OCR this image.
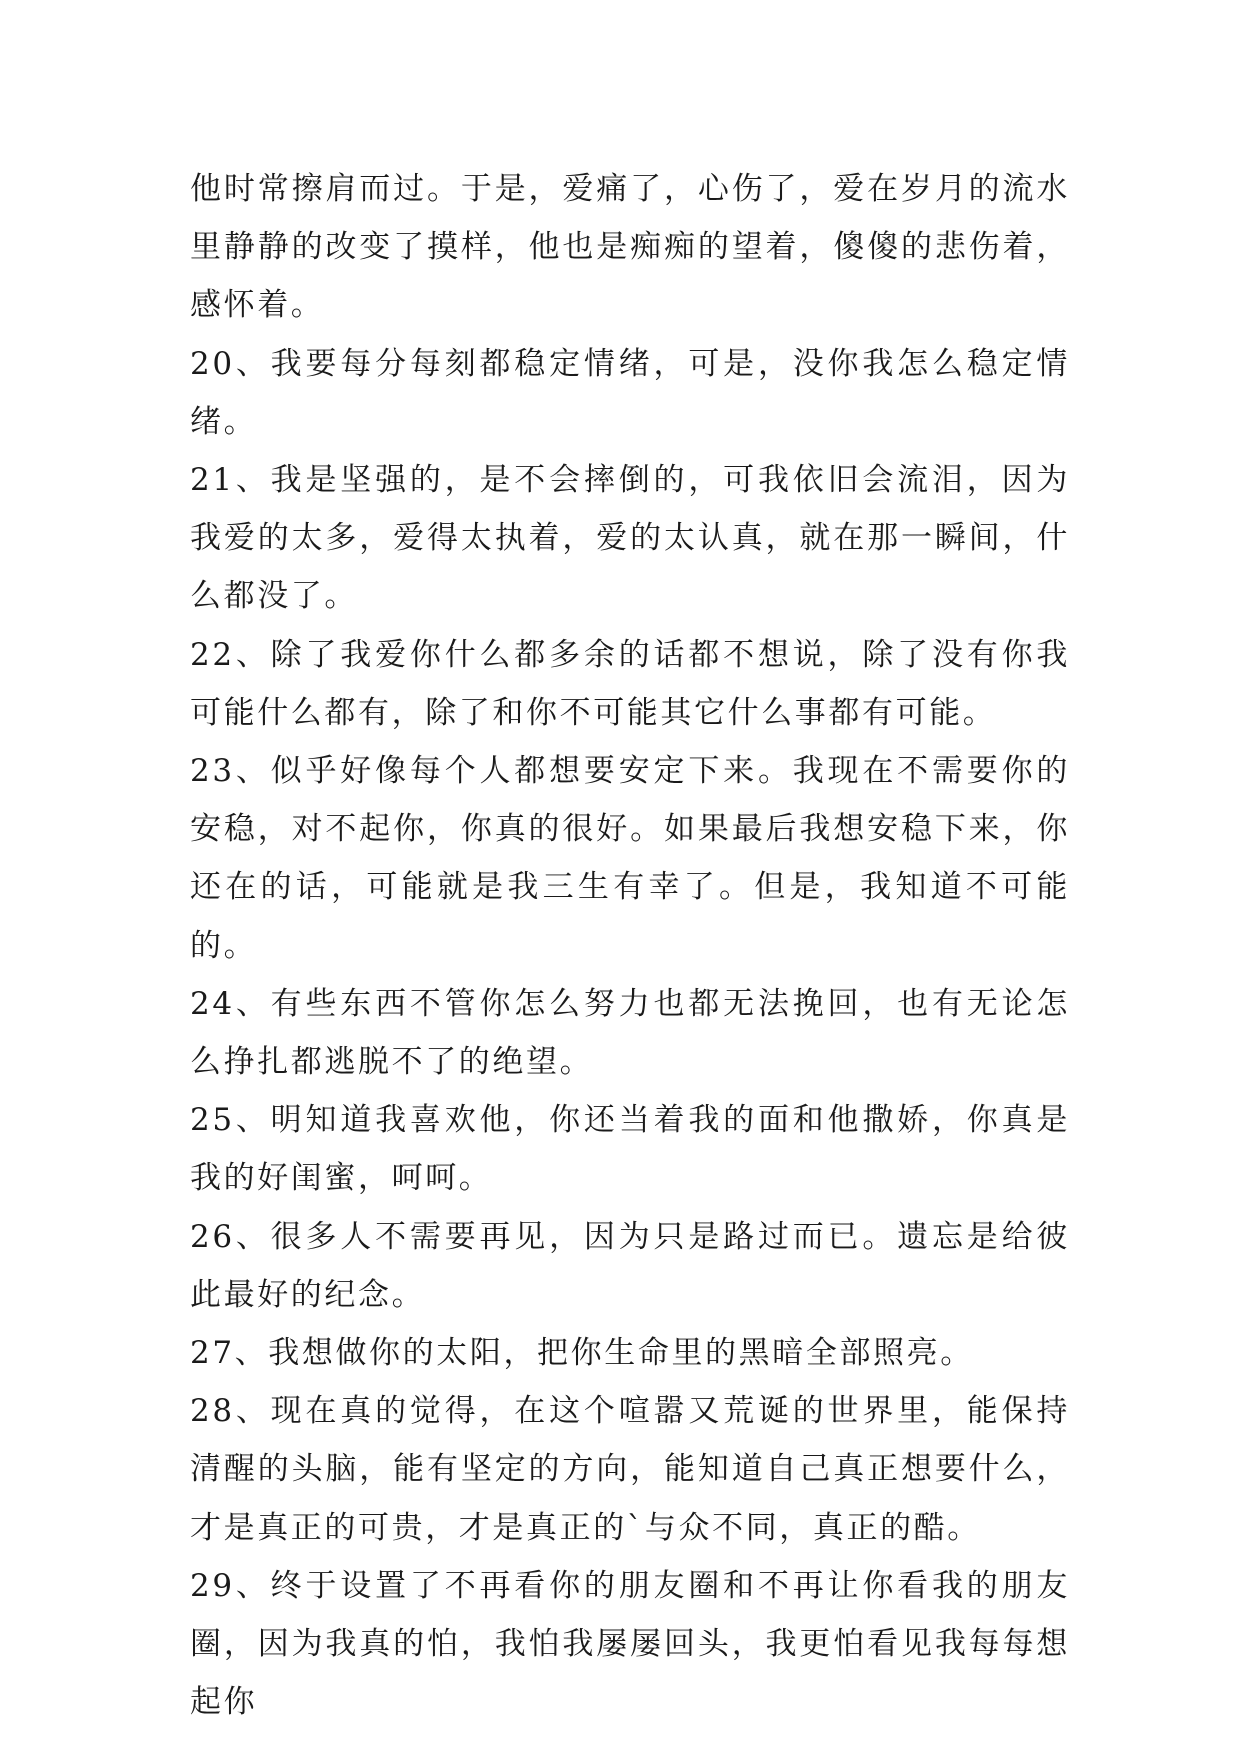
他时常擦肩而过。于是，爱痛了，心伤了，爱在岁月的流水里静静的改变了摸样，他也是痴痴的望着，傻傻的悲伤着，感怀着。

20、我要每分每刻都稳定情绪，可是，没你我怎么稳定情绪。

21、我是坚强的，是不会摔倒的，可我依旧会流泪，因为我爱的太多，爱得太执着，爱的太认真，就在那一瞬间，什么都没了。

22、除了我爱你什么都多余的话都不想说，除了没有你我可能什么都有，除了和你不可能其它什么事都有可能。

23、似乎好像每个人都想要安定下来。我现在不需要你的安稳，对不起你，你真的很好。如果最后我想安稳下来，你还在的话，可能就是我三生有幸了。但是，我知道不可能的。

24、有些东西不管你怎么努力也都无法挽回，也有无论怎么挣扎都逃脱不了的绝望。

25、明知道我喜欢他，你还当着我的面和他撒娇，你真是我的好闺蜜，呵呵。

26、很多人不需要再见，因为只是路过而已。遗忘是给彼此最好的纪念。

27、我想做你的太阳，把你生命里的黑暗全部照亮。

28、现在真的觉得，在这个喧嚣又荒诞的世界里，能保持清醒的头脑，能有坚定的方向，能知道自己真正想要什么，才是真正的可贵，才是真正的`与众不同，真正的酷。

29、终于设置了不再看你的朋友圈和不再让你看我的朋友圈，因为我真的怕，我怕我屡屡回头，我更怕看见我每每想起你
